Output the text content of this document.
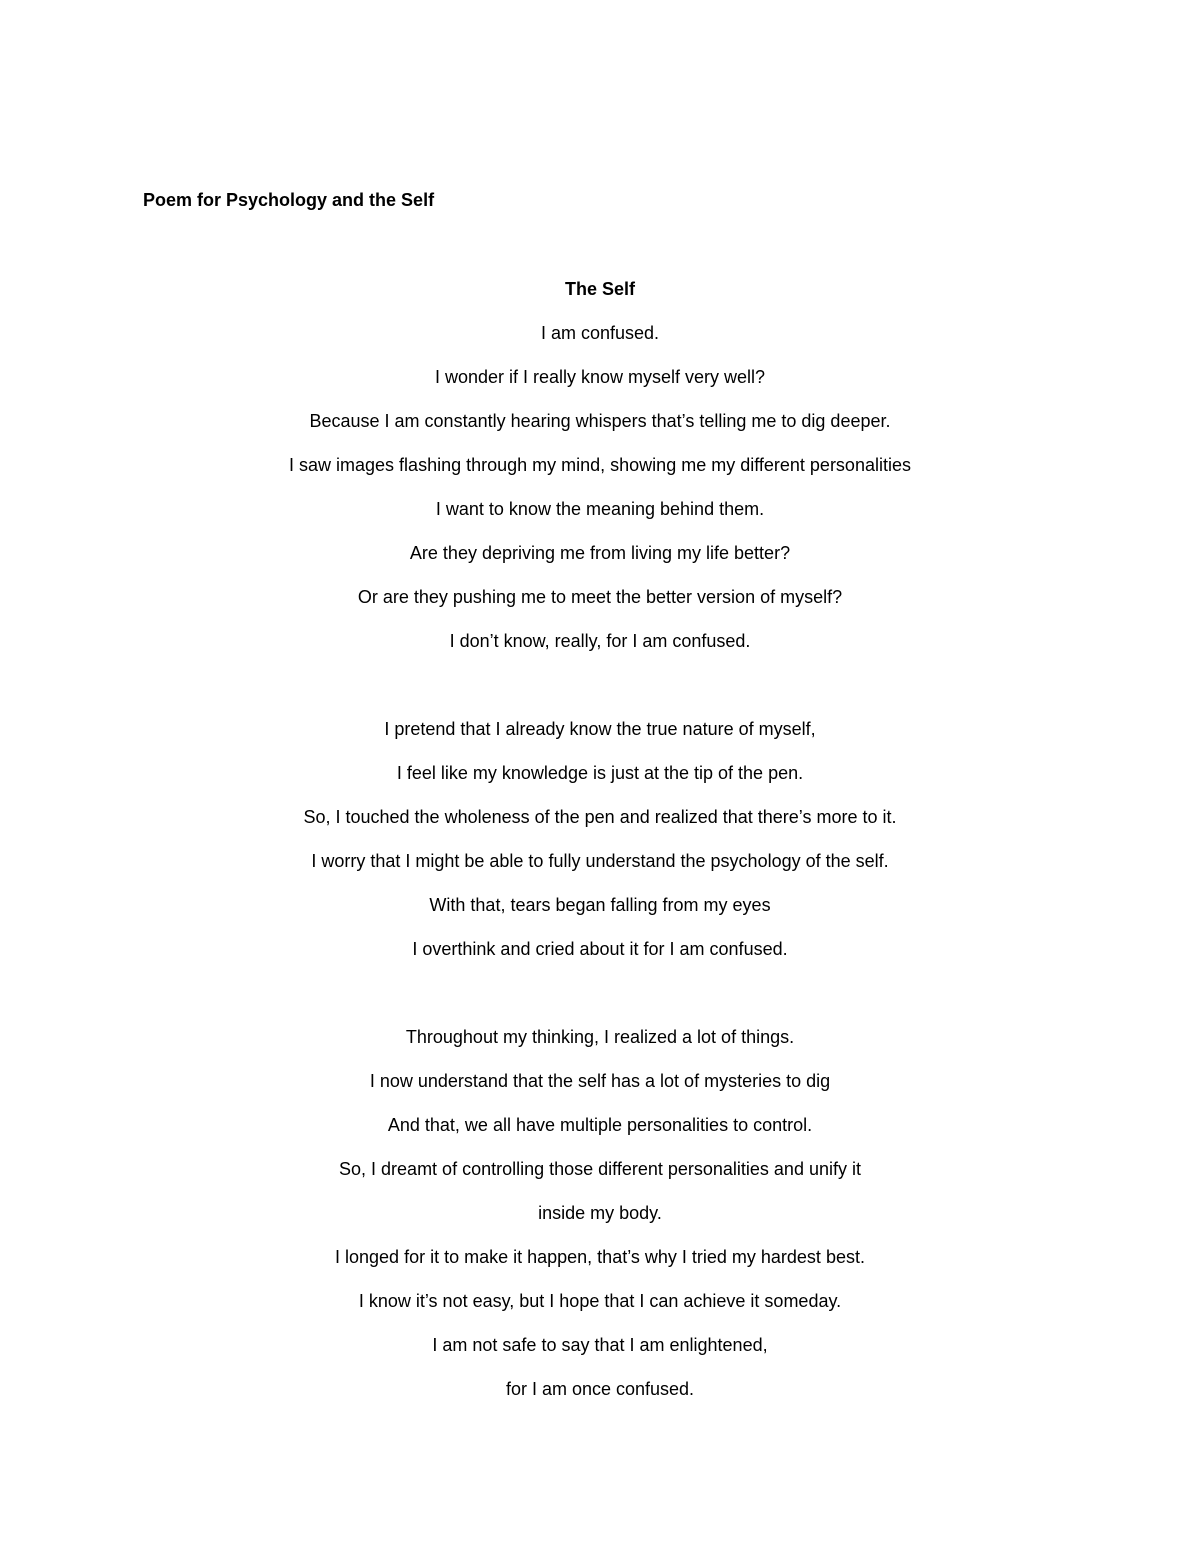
Poem for Psychology and the Self
The Self
I am confused.
I wonder if I really know myself very well?
Because I am constantly hearing whispers that’s telling me to dig deeper.
I saw images flashing through my mind, showing me my different personalities
I want to know the meaning behind them.
Are they depriving me from living my life better?
Or are they pushing me to meet the better version of myself?
I don’t know, really, for I am confused.
I pretend that I already know the true nature of myself,
I feel like my knowledge is just at the tip of the pen.
So, I touched the wholeness of the pen and realized that there’s more to it.
I worry that I might be able to fully understand the psychology of the self.
With that, tears began falling from my eyes
I overthink and cried about it for I am confused.
Throughout my thinking, I realized a lot of things.
I now understand that the self has a lot of mysteries to dig
And that, we all have multiple personalities to control.
So, I dreamt of controlling those different personalities and unify it
inside my body.
I longed for it to make it happen, that’s why I tried my hardest best.
I know it’s not easy, but I hope that I can achieve it someday.
I am not safe to say that I am enlightened,
for I am once confused.
